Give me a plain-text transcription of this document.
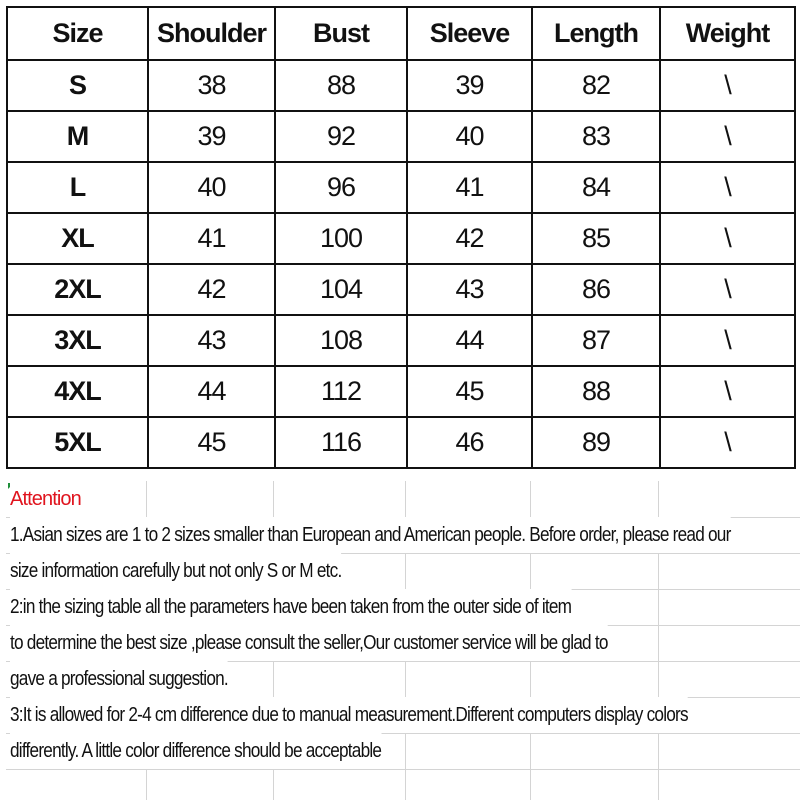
Size	Shoulder	Bust	Sleeve	Length	Weight
S	38	88	39	82	\
M	39	92	40	83	\
L	40	96	41	84	\
XL	41	100	42	85	\
2XL	42	104	43	86	\
3XL	43	108	44	87	\
4XL	44	112	45	88	\
5XL	45	116	46	89	\
Attention
1.Asian sizes are 1 to 2 sizes smaller than European and American people. Before order, please read our
size information carefully but not only S or M etc.
2:in the sizing table all the parameters have been taken from the outer side of item
to determine the best size ,please consult the seller,Our customer service will be glad to
gave a professional suggestion.
3:It is allowed for 2-4 cm difference due to manual measurement.Different computers display colors
differently. A little color difference should be acceptable
